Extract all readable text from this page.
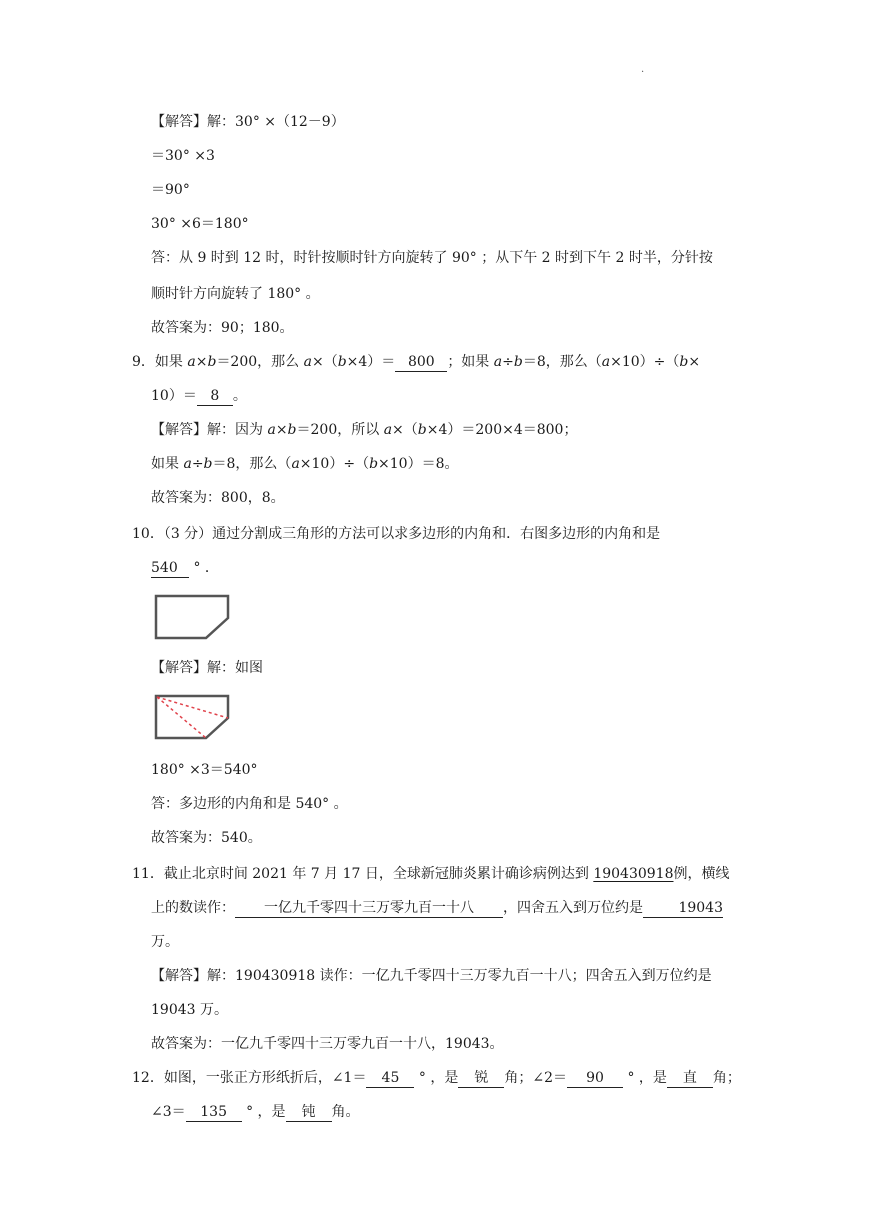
.
【解答】解：30° ×（12－9）
＝30° ×3
＝90°
30° ×6＝180°
答：从 9 时到 12 时，时针按顺时针方向旋转了 90° ；从下午 2 时到下午 2 时半，分针按
顺时针方向旋转了 180° 。
故答案为：90；180。
9．如果 a×b＝200，那么 a×（b×4）＝ 800 ；如果 a÷b＝8，那么（a×10）÷（b×
10）＝ 8 。
【解答】解：因为 a×b＝200，所以 a×（b×4）＝200×4＝800；
如果 a÷b＝8，那么（a×10）÷（b×10）＝8。
故答案为：800，8。
10．（3 分）通过分割成三角形的方法可以求多边形的内角和．右图多边形的内角和是
540 ° ．
【解答】解：如图
180° ×3＝540°
答：多边形的内角和是 540° 。
故答案为：540。
11．截止北京时间 2021 年 7 月 17 日，全球新冠肺炎累计确诊病例达到 190430918例，横线
上的数读作： 一亿九千零四十三万零九百一十八 ，四舍五入到万位约是	19043
万。
【解答】解：190430918 读作：一亿九千零四十三万零九百一十八；四舍五入到万位约是
19043 万。
故答案为：一亿九千零四十三万零九百一十八，19043。
12．如图，一张正方形纸折后，∠1＝ 45 ° ，是 锐 角；∠2＝ 90 ° ，是 直 角；
∠3＝ 135 ° ，是 钝 角。
